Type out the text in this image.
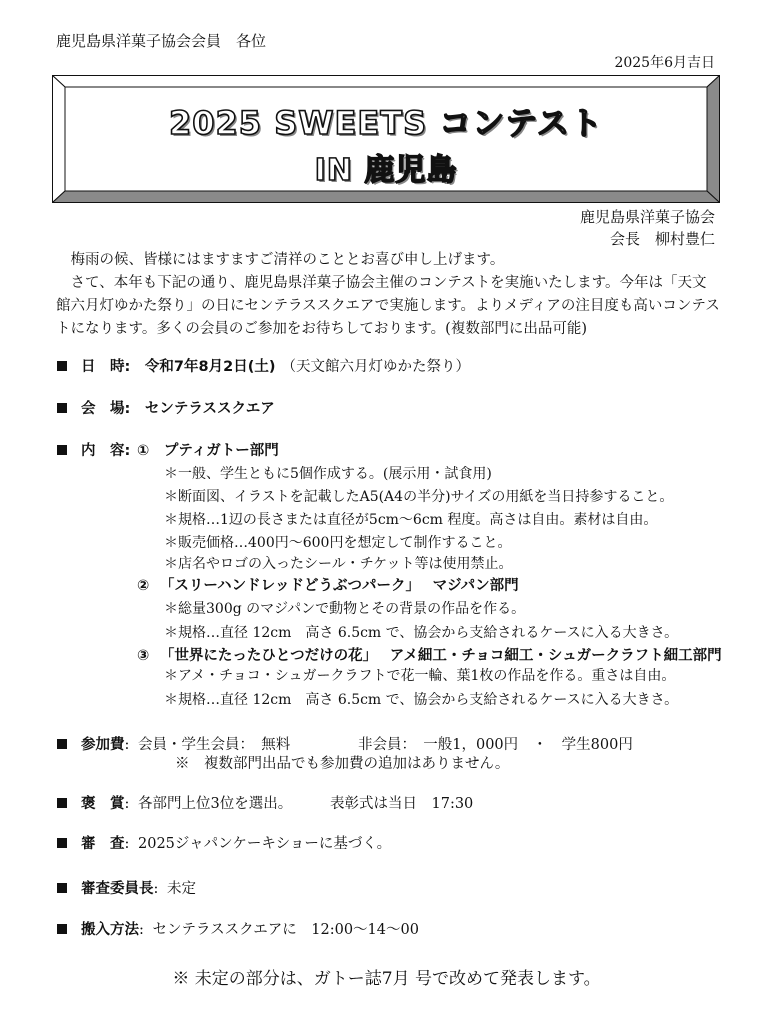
鹿児島県洋菓子協会会員　各位
2025年6月吉日
2025 SWEETS コンテスト
IN 鹿児島
鹿児島県洋菓子協会
会長　柳村豊仁

梅雨の候、皆様にはますますご清祥のこととお喜び申し上げます。

さて、本年も下記の通り、鹿児島県洋菓子協会主催のコンテストを実施いたします。今年は「天文館六月灯ゆかた祭り」の日にセンテラススクエアで実施します。よりメディアの注目度も高いコンテストになります。多くの会員のご参加をお待ちしております。(複数部門に出品可能)

日　時: 令和7年8月2日(土) （天文館六月灯ゆかた祭り）
会　場: センテラススクエア
内　容: ① プティガトー部門
＊一般、学生ともに5個作成する。(展示用・試食用)
＊断面図、イラストを記載したA5(A4の半分)サイズの用紙を当日持参すること。
＊規格…1辺の長さまたは直径が5cm〜6cm 程度。高さは自由。素材は自由。
＊販売価格…400円〜600円を想定して制作すること。
＊店名やロゴの入ったシール・チケット等は使用禁止。
② 「スリーハンドレッドどうぶつパーク」 マジパン部門
＊総量300g のマジパンで動物とその背景の作品を作る。
＊規格…直径 12cm　高さ 6.5cm で、協会から支給されるケースに入る大きさ。
③ 「世界にたったひとつだけの花」 アメ細工・チョコ細工・シュガークラフト細工部門
＊アメ・チョコ・シュガークラフトで花一輪、葉1枚の作品を作る。重さは自由。
＊規格…直径 12cm　高さ 6.5cm で、協会から支給されるケースに入る大きさ。
参加費: 会員・学生会員：　無料	非会員：　一般1，000円　・　学生800円
※　複数部門出品でも参加費の追加はありません。
褒　賞: 各部門上位3位を選出。	表彰式は当日　17:30
審　査: 2025ジャパンケーキショーに基づく。
審査委員長: 未定
搬入方法: センテラススクエアに　12:00〜14〜00
※ 未定の部分は、ガトー誌7月 号で改めて発表します。
